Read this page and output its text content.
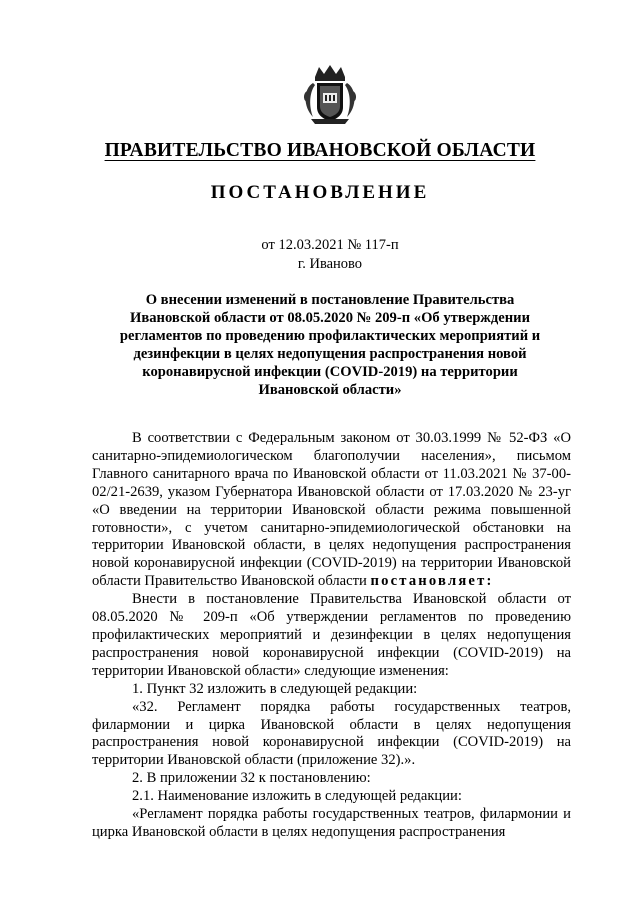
ПРАВИТЕЛЬСТВО ИВАНОВСКОЙ ОБЛАСТИ
ПОСТАНОВЛЕНИЕ
от 12.03.2021 № 117-п
г. Иваново
О внесении изменений в постановление Правительства Ивановской области от 08.05.2020 № 209-п «Об утверждении регламентов по проведению профилактических мероприятий и дезинфекции в целях недопущения распространения новой коронавирусной инфекции (COVID-2019) на территории Ивановской области»

В соответствии с Федеральным законом от 30.03.1999 № 52-ФЗ «О санитарно-эпидемиологическом благополучии населения», письмом Главного санитарного врача по Ивановской области от 11.03.2021 № 37-00-02/21-2639, указом Губернатора Ивановской области от 17.03.2020 № 23-уг «О введении на территории Ивановской области режима повышенной готовности», с учетом санитарно-эпидемиологической обстановки на территории Ивановской области, в целях недопущения распространения новой коронавирусной инфекции (COVID-2019) на территории Ивановской области Правительство Ивановской области постановляет:

Внести в постановление Правительства Ивановской области от 08.05.2020 № 209-п «Об утверждении регламентов по проведению профилактических мероприятий и дезинфекции в целях недопущения распространения новой коронавирусной инфекции (COVID-2019) на территории Ивановской области» следующие изменения:

1. Пункт 32 изложить в следующей редакции:

«32. Регламент порядка работы государственных театров, филармонии и цирка Ивановской области в целях недопущения распространения новой коронавирусной инфекции (COVID-2019) на территории Ивановской области (приложение 32).».

2. В приложении 32 к постановлению:

2.1. Наименование изложить в следующей редакции:

«Регламент порядка работы государственных театров, филармонии и цирка Ивановской области в целях недопущения распространения
